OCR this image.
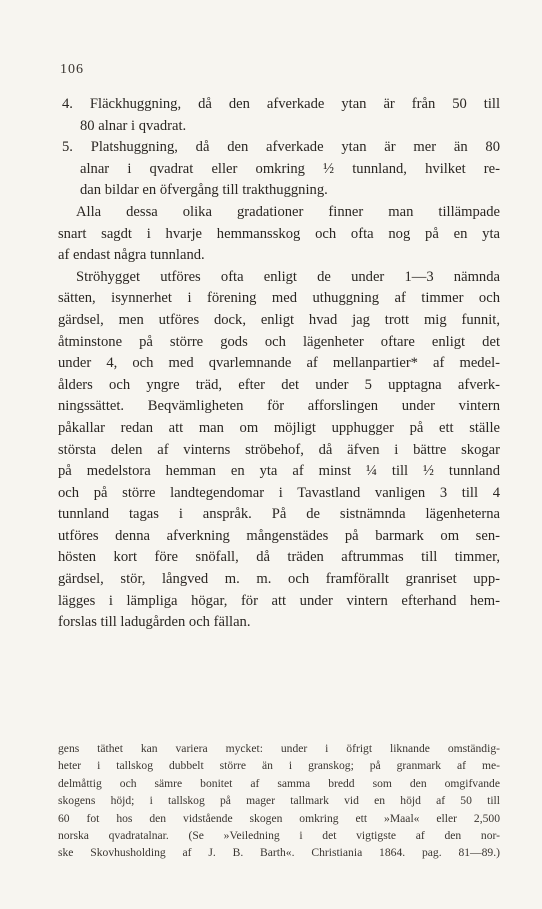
106
4. Fläckhuggning, då den afverkade ytan är från 50 till
80 alnar i qvadrat.
5. Platshuggning, då den afverkade ytan är mer än 80
alnar i qvadrat eller omkring ½ tunnland, hvilket re-
dan bildar en öfvergång till trakthuggning.
Alla dessa olika gradationer finner man tillämpade
snart sagdt i hvarje hemmansskog och ofta nog på en yta
af endast några tunnland.
Ströhygget utföres ofta enligt de under 1—3 nämnda
sätten, isynnerhet i förening med uthuggning af timmer och
gärdsel, men utföres dock, enligt hvad jag trott mig funnit,
åtminstone på större gods och lägenheter oftare enligt det
under 4, och med qvarlemnande af mellanpartier* af medel-
ålders och yngre träd, efter det under 5 upptagna afverk-
ningssättet. Beqvämligheten för afforslingen under vintern
påkallar redan att man om möjligt upphugger på ett ställe
största delen af vinterns ströbehof, då äfven i bättre skogar
på medelstora hemman en yta af minst ¼ till ½ tunnland
och på större landtegendomar i Tavastland vanligen 3 till 4
tunnland tagas i anspråk. På de sistnämnda lägenheterna
utföres denna afverkning mångenstädes på barmark om sen-
hösten kort före snöfall, då träden aftrummas till timmer,
gärdsel, stör, långved m. m. och framförallt granriset upp-
lägges i lämpliga högar, för att under vintern efterhand hem-
forslas till ladugården och fällan.
gens täthet kan variera mycket: under i öfrigt liknande omständig-
heter i tallskog dubbelt större än i granskog; på granmark af me-
delmåttig och sämre bonitet af samma bredd som den omgifvande
skogens höjd; i tallskog på mager tallmark vid en höjd af 50 till
60 fot hos den vidstående skogen omkring ett »Maal« eller 2,500
norska qvadratalnar. (Se »Veiledning i det vigtigste af den nor-
ske Skovhusholding af J. B. Barth«. Christiania 1864. pag. 81—89.)
